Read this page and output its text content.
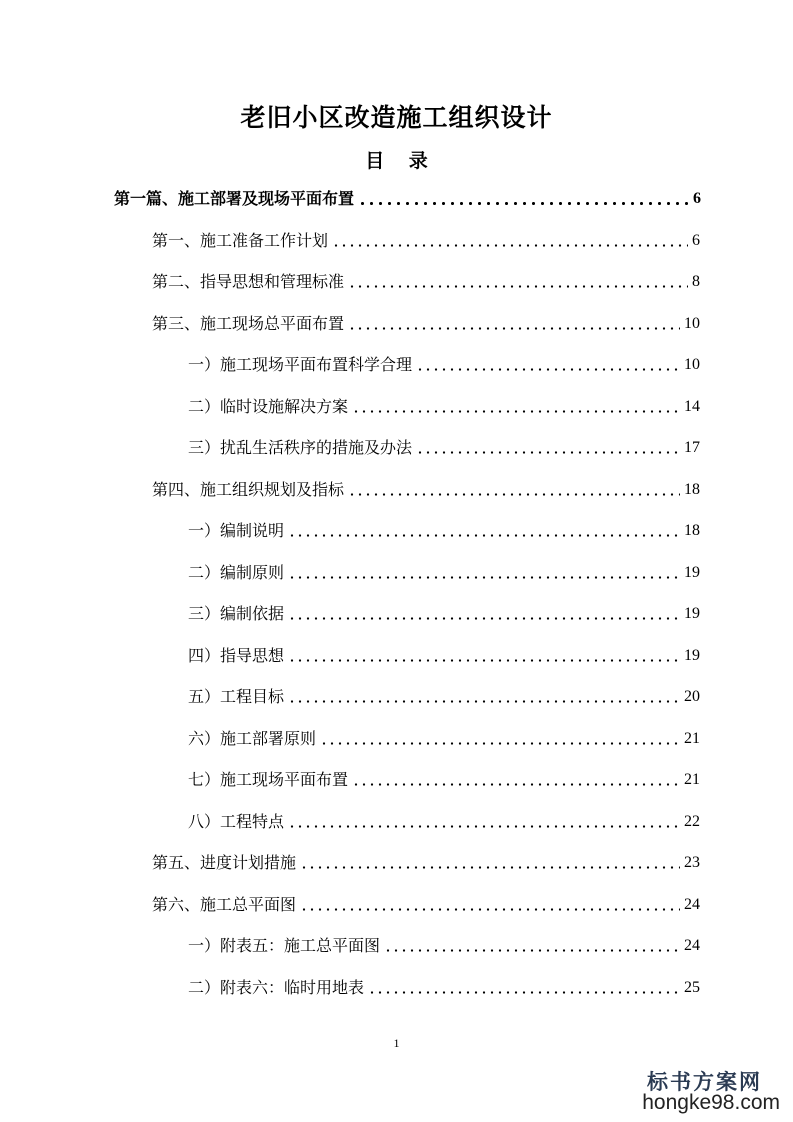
老旧小区改造施工组织设计
目 录
第一篇、施工部署及现场平面布置	6
第一、施工准备工作计划	6
第二、指导思想和管理标准	8
第三、施工现场总平面布置	10
一）施工现场平面布置科学合理	10
二）临时设施解决方案	14
三）扰乱生活秩序的措施及办法	17
第四、施工组织规划及指标	18
一）编制说明	18
二）编制原则	19
三）编制依据	19
四）指导思想	19
五）工程目标	20
六）施工部署原则	21
七）施工现场平面布置	21
八）工程特点	22
第五、进度计划措施	23
第六、施工总平面图	24
一）附表五：施工总平面图	24
二）附表六：临时用地表	25
1
标书方案网
hongke98.com
